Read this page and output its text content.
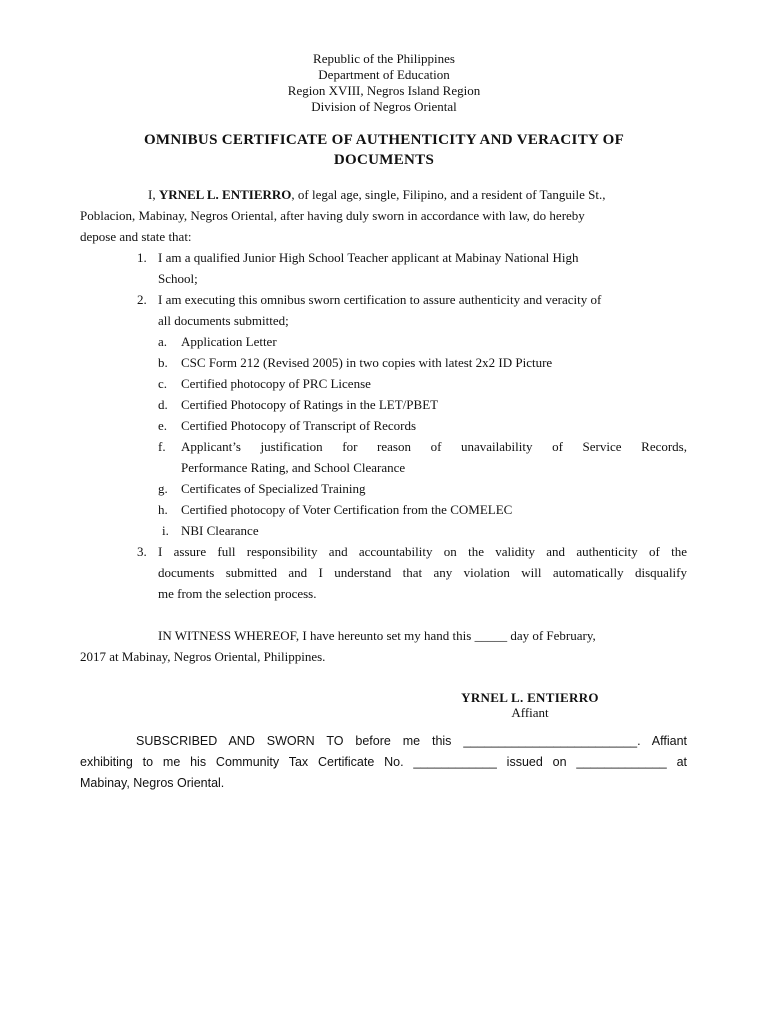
Republic of the Philippines
Department of Education
Region XVIII, Negros Island Region
Division of Negros Oriental
OMNIBUS CERTIFICATE OF AUTHENTICITY AND VERACITY OF
DOCUMENTS
I, YRNEL L. ENTIERRO, of legal age, single, Filipino, and a resident of Tanguile St.,
Poblacion, Mabinay, Negros Oriental, after having duly sworn in accordance with law, do hereby
depose and state that:
1. I am a qualified Junior High School Teacher applicant at Mabinay National High
School;
2. I am executing this omnibus sworn certification to assure authenticity and veracity of
all documents submitted;
a. Application Letter
b. CSC Form 212 (Revised 2005) in two copies with latest 2x2 ID Picture
c. Certified photocopy of PRC License
d. Certified Photocopy of Ratings in the LET/PBET
e. Certified Photocopy of Transcript of Records
f. Applicant’s justification for reason of unavailability of Service Records,
Performance Rating, and School Clearance
g. Certificates of Specialized Training
h. Certified photocopy of Voter Certification from the COMELEC
i. NBI Clearance
3. I assure full responsibility and accountability on the validity and authenticity of the
documents submitted and I understand that any violation will automatically disqualify
me from the selection process.
IN WITNESS WHEREOF, I have hereunto set my hand this _____ day of February,
2017 at Mabinay, Negros Oriental, Philippines.
YRNEL L. ENTIERRO
Affiant
SUBSCRIBED AND SWORN TO before me this _________________________. Affiant
exhibiting to me his Community Tax Certificate No. ____________ issued on _____________ at
Mabinay, Negros Oriental.
